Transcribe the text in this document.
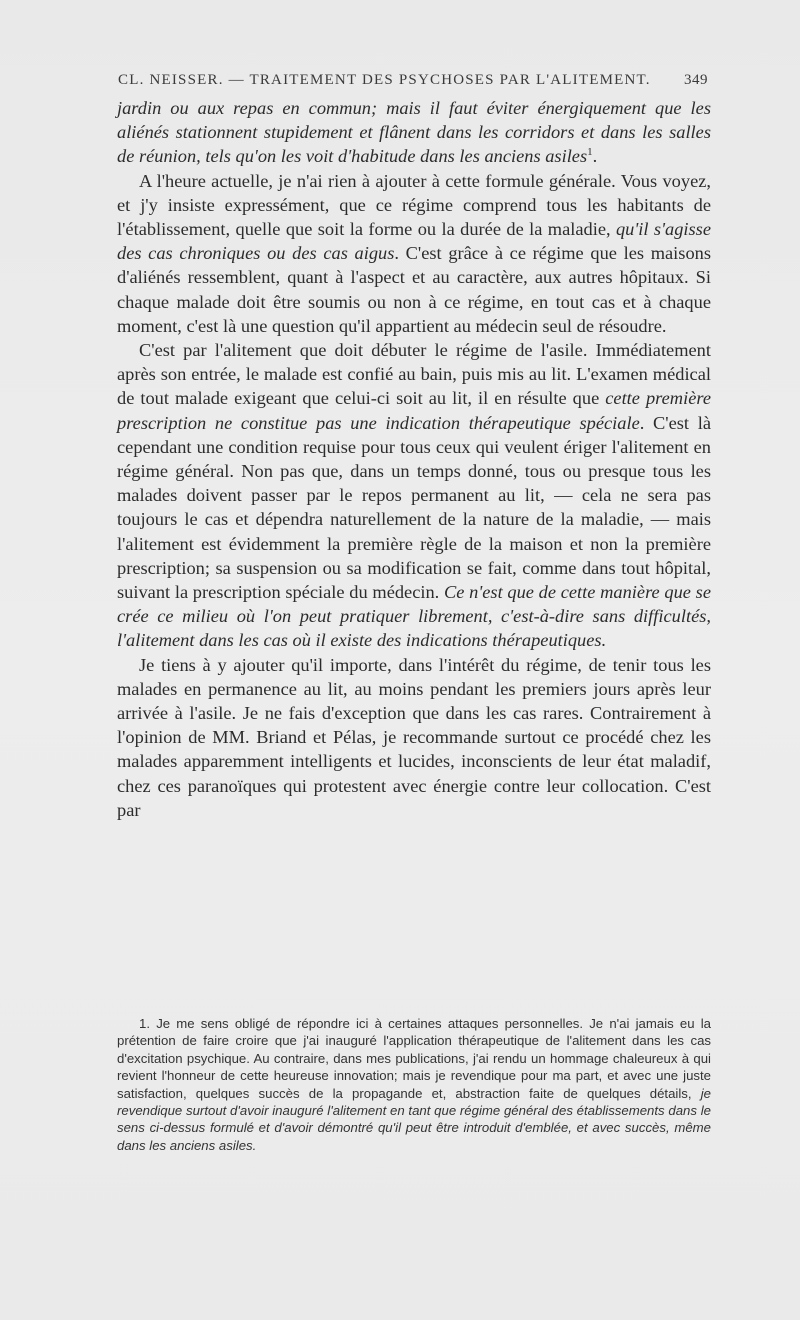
CL. NEISSER. — TRAITEMENT DES PSYCHOSES PAR L'ALITEMENT. 349

jardin ou aux repas en commun; mais il faut éviter énergiquement que les aliénés stationnent stupidement et flânent dans les corridors et dans les salles de réunion, tels qu'on les voit d'habitude dans les anciens asiles$^1$.

A l'heure actuelle, je n'ai rien à ajouter à cette formule générale. Vous voyez, et j'y insiste expressément, que ce régime comprend tous les habitants de l'établissement, quelle que soit la forme ou la durée de la maladie, qu'il s'agisse des cas chroniques ou des cas aigus. C'est grâce à ce régime que les maisons d'aliénés ressemblent, quant à l'aspect et au caractère, aux autres hôpitaux. Si chaque malade doit être soumis ou non à ce régime, en tout cas et à chaque moment, c'est là une question qu'il appartient au médecin seul de résoudre.

C'est par l'alitement que doit débuter le régime de l'asile. Immédiatement après son entrée, le malade est confié au bain, puis mis au lit. L'examen médical de tout malade exigeant que celui-ci soit au lit, il en résulte que cette première prescription ne constitue pas une indication thérapeutique spéciale. C'est là cependant une condition requise pour tous ceux qui veulent ériger l'alitement en régime général. Non pas que, dans un temps donné, tous ou presque tous les malades doivent passer par le repos permanent au lit, — cela ne sera pas toujours le cas et dépendra naturellement de la nature de la maladie, — mais l'alitement est évidemment la première règle de la maison et non la première prescription; sa suspension ou sa modification se fait, comme dans tout hôpital, suivant la prescription spéciale du médecin. Ce n'est que de cette manière que se crée ce milieu où l'on peut pratiquer librement, c'est-à-dire sans difficultés, l'alitement dans les cas où il existe des indications thérapeutiques.

Je tiens à y ajouter qu'il importe, dans l'intérêt du régime, de tenir tous les malades en permanence au lit, au moins pendant les premiers jours après leur arrivée à l'asile. Je ne fais d'exception que dans les cas rares. Contrairement à l'opinion de MM. Briand et Pélas, je recommande surtout ce procédé chez les malades apparemment intelligents et lucides, inconscients de leur état maladif, chez ces paranoïques qui protestent avec énergie contre leur collocation. C'est par

1. Je me sens obligé de répondre ici à certaines attaques personnelles. Je n'ai jamais eu la prétention de faire croire que j'ai inauguré l'application thérapeutique de l'alitement dans les cas d'excitation psychique. Au contraire, dans mes publications, j'ai rendu un hommage chaleureux à qui revient l'honneur de cette heureuse innovation; mais je revendique pour ma part, et avec une juste satisfaction, quelques succès de la propagande et, abstraction faite de quelques détails, je revendique surtout d'avoir inauguré l'alitement en tant que régime général des établissements dans le sens ci-dessus formulé et d'avoir démontré qu'il peut être introduit d'emblée, et avec succès, même dans les anciens asiles.
